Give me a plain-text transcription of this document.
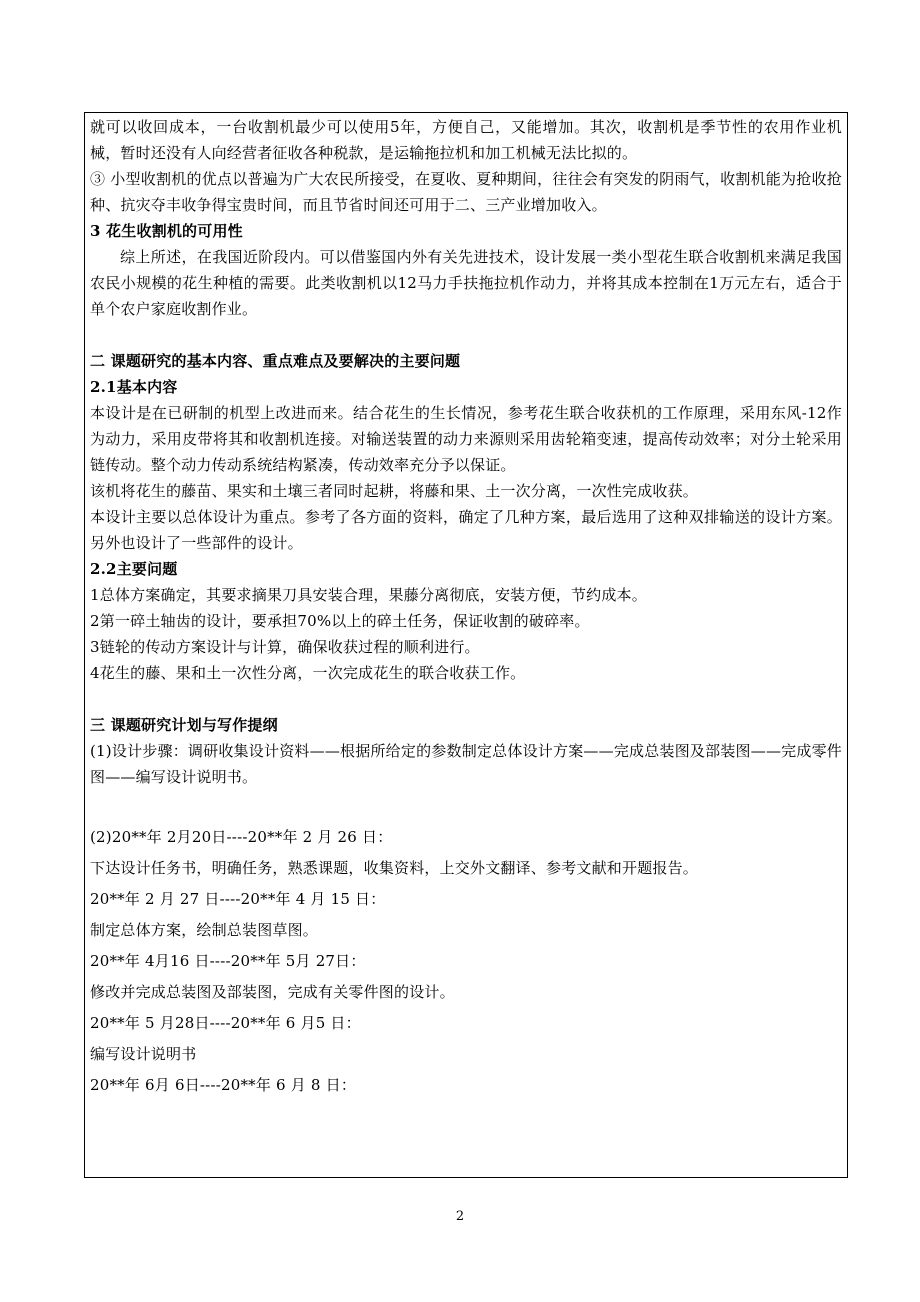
就可以收回成本，一台收割机最少可以使用5年，方便自己，又能增加。其次，收割机是季节性的农用作业机械，暂时还没有人向经营者征收各种税款，是运输拖拉机和加工机械无法比拟的。

③ 小型收割机的优点以普遍为广大农民所接受，在夏收、夏种期间，往往会有突发的阴雨气，收割机能为抢收抢种、抗灾夺丰收争得宝贵时间，而且节省时间还可用于二、三产业增加收入。

3 花生收割机的可用性

综上所述，在我国近阶段内。可以借鉴国内外有关先进技术，设计发展一类小型花生联合收割机来满足我国农民小规模的花生种植的需要。此类收割机以12马力手扶拖拉机作动力，并将其成本控制在1万元左右，适合于单个农户家庭收割作业。

二 课题研究的基本内容、重点难点及要解决的主要问题

2.1基本内容

本设计是在已研制的机型上改进而来。结合花生的生长情况，参考花生联合收获机的工作原理，采用东风-12作为动力，采用皮带将其和收割机连接。对输送装置的动力来源则采用齿轮箱变速，提高传动效率；对分土轮采用链传动。整个动力传动系统结构紧凑，传动效率充分予以保证。

该机将花生的藤苗、果实和土壤三者同时起耕，将藤和果、土一次分离，一次性完成收获。

本设计主要以总体设计为重点。参考了各方面的资料，确定了几种方案，最后选用了这种双排输送的设计方案。另外也设计了一些部件的设计。

2.2主要问题

1总体方案确定，其要求摘果刀具安装合理，果藤分离彻底，安装方便，节约成本。

2第一碎土轴齿的设计，要承担70%以上的碎土任务，保证收割的破碎率。

3链轮的传动方案设计与计算，确保收获过程的顺利进行。

4花生的藤、果和土一次性分离，一次完成花生的联合收获工作。

三 课题研究计划与写作提纲

(1)设计步骤：调研收集设计资料——根据所给定的参数制定总体设计方案——完成总装图及部装图——完成零件图——编写设计说明书。

(2)20**年 2月20日----20**年 2 月 26 日：

下达设计任务书，明确任务，熟悉课题，收集资料，上交外文翻译、参考文献和开题报告。

20**年 2 月 27 日----20**年 4 月 15 日：

制定总体方案，绘制总装图草图。

20**年 4月16 日----20**年 5月 27日：

修改并完成总装图及部装图，完成有关零件图的设计。

20**年 5 月28日----20**年 6 月5 日：

编写设计说明书

20**年 6月 6日----20**年 6 月 8 日：

2
